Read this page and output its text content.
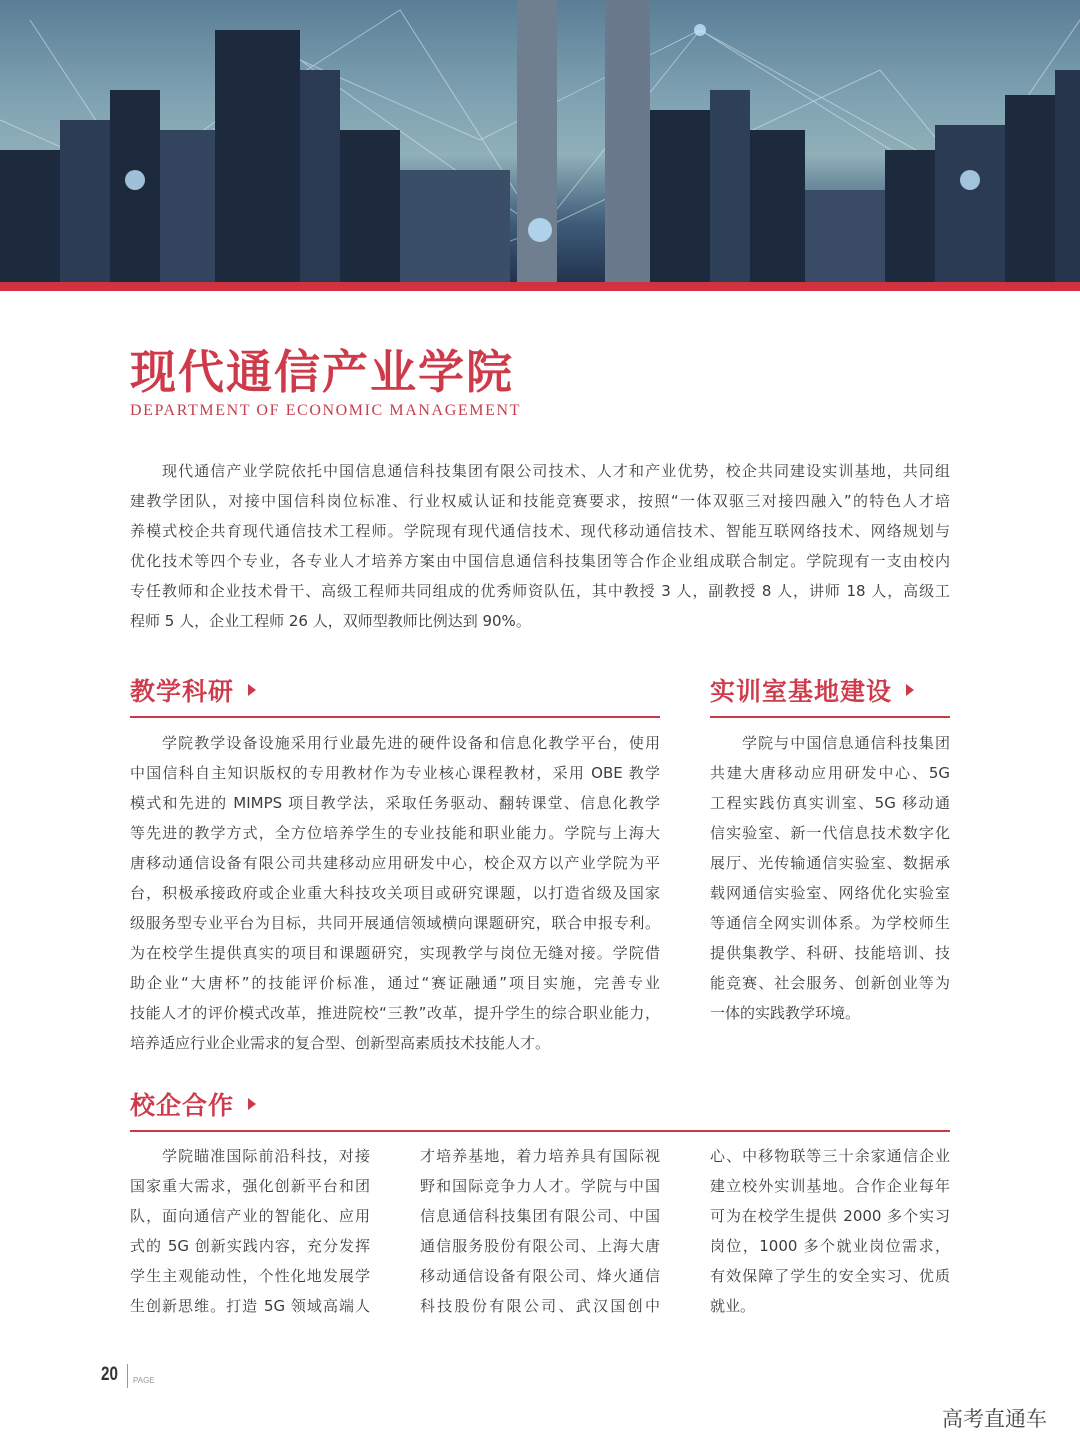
现代通信产业学院
DEPARTMENT OF ECONOMIC MANAGEMENT
现代通信产业学院依托中国信息通信科技集团有限公司技术、人才和产业优势，校企共同建设实训基地，共同组
建教学团队，对接中国信科岗位标准、行业权威认证和技能竞赛要求，按照“一体双驱三对接四融入”的特色人才培
养模式校企共育现代通信技术工程师。学院现有现代通信技术、现代移动通信技术、智能互联网络技术、网络规划与
优化技术等四个专业，各专业人才培养方案由中国信息通信科技集团等合作企业组成联合制定。学院现有一支由校内
专任教师和企业技术骨干、高级工程师共同组成的优秀师资队伍，其中教授 3 人，副教授 8 人，讲师 18 人，高级工
程师 5 人，企业工程师 26 人，双师型教师比例达到 90%。
教学科研
学院教学设备设施采用行业最先进的硬件设备和信息化教学平台，使用
中国信科自主知识版权的专用教材作为专业核心课程教材，采用 OBE 教学
模式和先进的 MIMPS 项目教学法，采取任务驱动、翻转课堂、信息化教学
等先进的教学方式，全方位培养学生的专业技能和职业能力。学院与上海大
唐移动通信设备有限公司共建移动应用研发中心，校企双方以产业学院为平
台，积极承接政府或企业重大科技攻关项目或研究课题，以打造省级及国家
级服务型专业平台为目标，共同开展通信领域横向课题研究，联合申报专利。
为在校学生提供真实的项目和课题研究，实现教学与岗位无缝对接。学院借
助企业“大唐杯”的技能评价标准，通过“赛证融通”项目实施，完善专业
技能人才的评价模式改革，推进院校“三教”改革，提升学生的综合职业能力，
培养适应行业企业需求的复合型、创新型高素质技术技能人才。
实训室基地建设
学院与中国信息通信科技集团
共建大唐移动应用研发中心、5G
工程实践仿真实训室、5G 移动通
信实验室、新一代信息技术数字化
展厅、光传输通信实验室、数据承
载网通信实验室、网络优化实验室
等通信全网实训体系。为学校师生
提供集教学、科研、技能培训、技
能竞赛、社会服务、创新创业等为
一体的实践教学环境。
校企合作
学院瞄准国际前沿科技，对接
国家重大需求，强化创新平台和团
队，面向通信产业的智能化、应用
式的 5G 创新实践内容，充分发挥
学生主观能动性，个性化地发展学
生创新思维。打造 5G 领域高端人
才培养基地，着力培养具有国际视
野和国际竞争力人才。学院与中国
信息通信科技集团有限公司、中国
通信服务股份有限公司、上海大唐
移动通信设备有限公司、烽火通信
科技股份有限公司、武汉国创中
心、中移物联等三十余家通信企业
建立校外实训基地。合作企业每年
可为在校学生提供 2000 多个实习
岗位，1000 多个就业岗位需求，
有效保障了学生的安全实习、优质
就业。
20 PAGE
高考直通车
